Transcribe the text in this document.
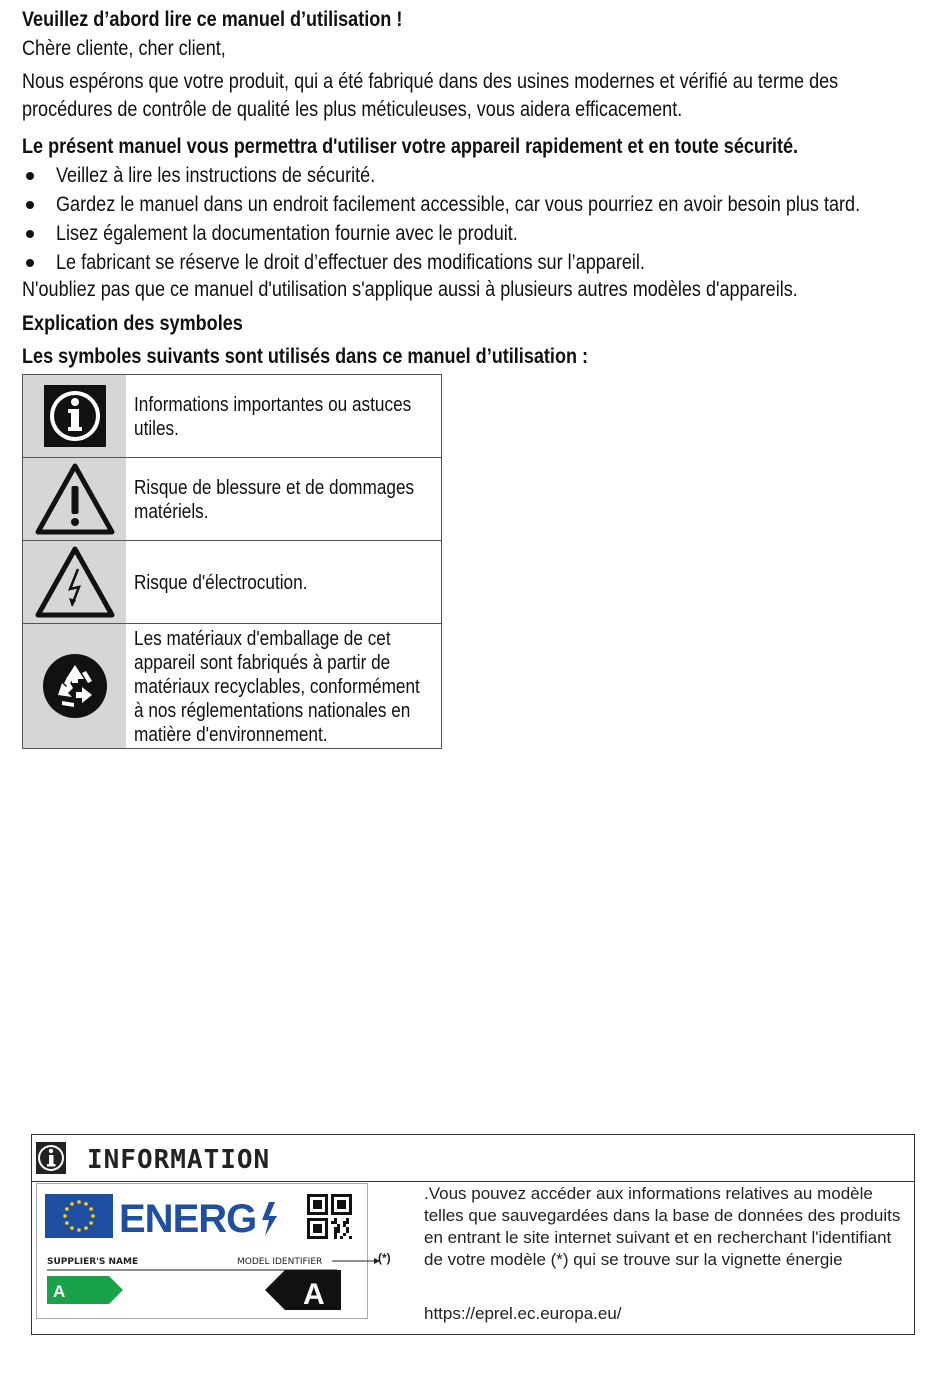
Veuillez d’abord lire ce manuel d’utilisation !
Chère cliente, cher client,
Nous espérons que votre produit, qui a été fabriqué dans des usines modernes et vérifié au terme des
procédures de contrôle de qualité les plus méticuleuses, vous aidera efficacement.
Le présent manuel vous permettra d'utiliser votre appareil rapidement et en toute sécurité.
Veillez à lire les instructions de sécurité.
Gardez le manuel dans un endroit facilement accessible, car vous pourriez en avoir besoin plus tard.
Lisez également la documentation fournie avec le produit.
Le fabricant se réserve le droit d’effectuer des modifications sur l’appareil.
N'oubliez pas que ce manuel d'utilisation s'applique aussi à plusieurs autres modèles d'appareils.
Explication des symboles
Les symboles suivants sont utilisés dans ce manuel d’utilisation :
Informations importantes ou astuces utiles.
Risque de blessure et de dommages matériels.
Risque d'électrocution.
Les matériaux d'emballage de cet appareil sont fabriqués à partir de matériaux recyclables, conformément à nos réglementations nationales en matière d'environnement.
INFORMATION
ENERG
SUPPLIER'S NAME	MODEL IDENTIFIER
A	A
(*)
.Vous pouvez accéder aux informations relatives au modèle telles que sauvegardées dans la base de données des produits en entrant le site internet suivant et en recherchant l'identifiant de votre modèle (*) qui se trouve sur la vignette énergie
https://eprel.ec.europa.eu/
